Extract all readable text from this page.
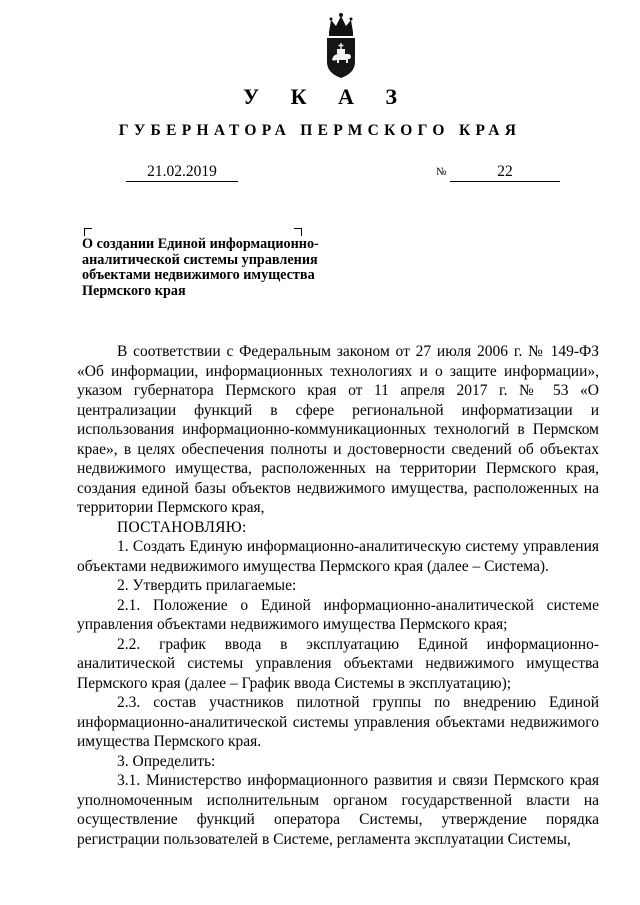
У К А З
ГУБЕРНАТОРА ПЕРМСКОГО КРАЯ
21.02.2019	№	22
О создании Единой информационно-аналитической системы управления объектами недвижимого имущества Пермского края

В соответствии с Федеральным законом от 27 июля 2006 г. № 149-ФЗ «Об информации, информационных технологиях и о защите информации», указом губернатора Пермского края от 11 апреля 2017 г. № 53 «О централизации функций в сфере региональной информатизации и использования информационно-коммуникационных технологий в Пермском крае», в целях обеспечения полноты и достоверности сведений об объектах недвижимого имущества, расположенных на территории Пермского края, создания единой базы объектов недвижимого имущества, расположенных на территории Пермского края,

ПОСТАНОВЛЯЮ:

1. Создать Единую информационно-аналитическую систему управления объектами недвижимого имущества Пермского края (далее – Система).

2. Утвердить прилагаемые:

2.1. Положение о Единой информационно-аналитической системе управления объектами недвижимого имущества Пермского края;

2.2. график ввода в эксплуатацию Единой информационно-аналитической системы управления объектами недвижимого имущества Пермского края (далее – График ввода Системы в эксплуатацию);

2.3. состав участников пилотной группы по внедрению Единой информационно-аналитической системы управления объектами недвижимого имущества Пермского края.

3. Определить:

3.1. Министерство информационного развития и связи Пермского края уполномоченным исполнительным органом государственной власти на осуществление функций оператора Системы, утверждение порядка регистрации пользователей в Системе, регламента эксплуатации Системы,
